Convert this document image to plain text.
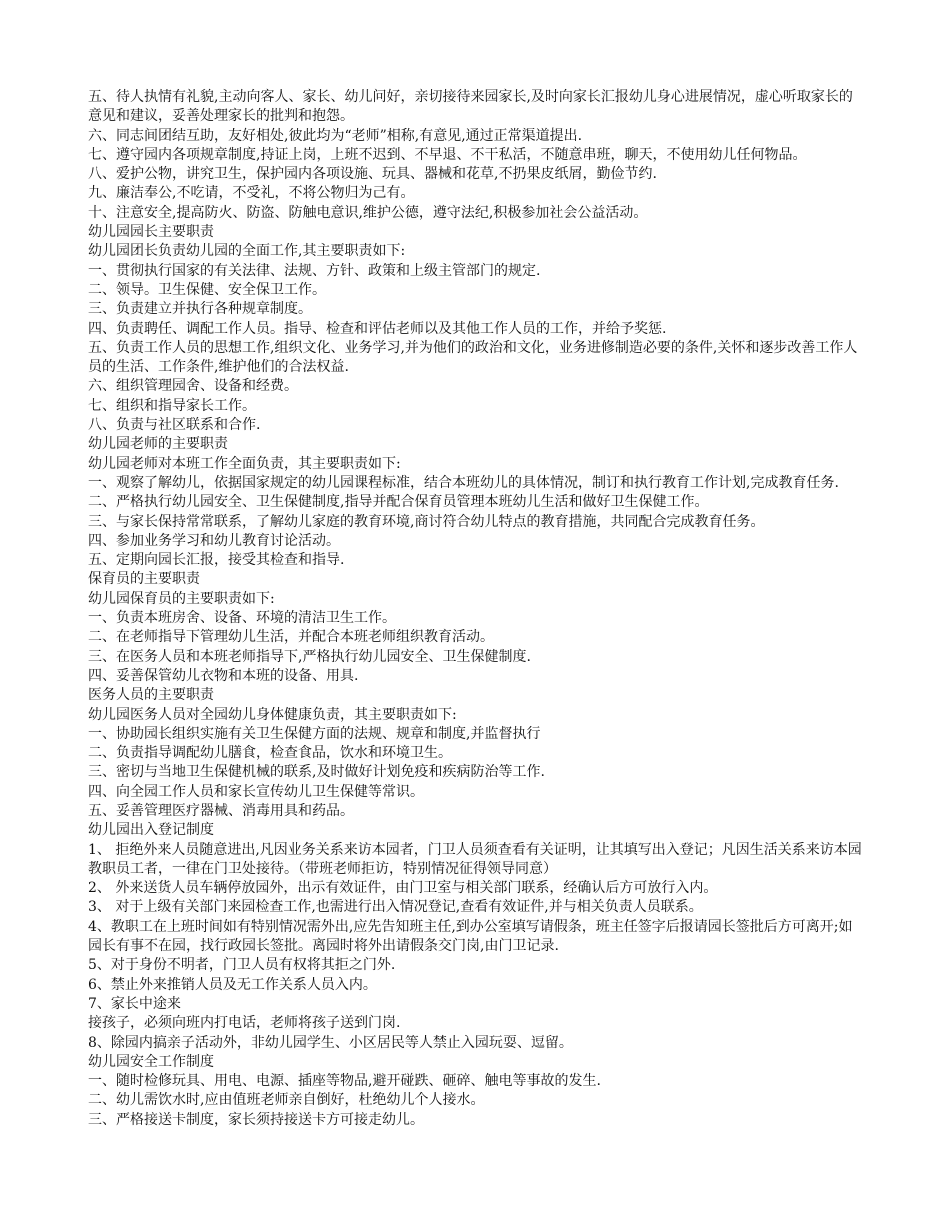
五、待人执情有礼貌,主动向客人、家长、幼儿问好，亲切接待来园家长,及时向家长汇报幼儿身心进展情况，虚心听取家长的意见和建议，妥善处理家长的批判和抱怨。

六、同志间团结互助，友好相处,彼此均为“老师”相称,有意见,通过正常渠道提出.

七、遵守园内各项规章制度,持证上岗，上班不迟到、不早退、不干私活，不随意串班，聊天，不使用幼儿任何物品。

八、爱护公物，讲究卫生，保护园内各项设施、玩具、器械和花草,不扔果皮纸屑，勤俭节约.

九、廉洁奉公,不吃请，不受礼，不将公物归为己有。

十、注意安全,提高防火、防盗、防触电意识,维护公德，遵守法纪,积极参加社会公益活动。

幼儿园园长主要职责

幼儿园团长负责幼儿园的全面工作,其主要职责如下:

一、贯彻执行国家的有关法律、法规、方针、政策和上级主管部门的规定.

二、领导。卫生保健、安全保卫工作。

三、负责建立并执行各种规章制度。

四、负责聘任、调配工作人员。指导、检查和评估老师以及其他工作人员的工作，并给予奖惩.

五、负责工作人员的思想工作,组织文化、业务学习,并为他们的政治和文化，业务进修制造必要的条件,关怀和逐步改善工作人员的生活、工作条件,维护他们的合法权益.

六、组织管理园舍、设备和经费。

七、组织和指导家长工作。

八、负责与社区联系和合作.

幼儿园老师的主要职责

幼儿园老师对本班工作全面负责，其主要职责如下:

一、观察了解幼儿，依据国家规定的幼儿园课程标准，结合本班幼儿的具体情况，制订和执行教育工作计划,完成教育任务.

二、严格执行幼儿园安全、卫生保健制度,指导并配合保育员管理本班幼儿生活和做好卫生保健工作。

三、与家长保持常常联系，了解幼儿家庭的教育环境,商讨符合幼儿特点的教育措施，共同配合完成教育任务。

四、参加业务学习和幼儿教育讨论活动。

五、定期向园长汇报，接受其检查和指导.

保育员的主要职责

幼儿园保育员的主要职责如下:

一、负责本班房舍、设备、环境的清洁卫生工作。

二、在老师指导下管理幼儿生活，并配合本班老师组织教育活动。

三、在医务人员和本班老师指导下,严格执行幼儿园安全、卫生保健制度.

四、妥善保管幼儿衣物和本班的设备、用具.

医务人员的主要职责

幼儿园医务人员对全园幼儿身体健康负责，其主要职责如下:

一、协助园长组织实施有关卫生保健方面的法规、规章和制度,并监督执行

二、负责指导调配幼儿膳食，检查食品，饮水和环境卫生。

三、密切与当地卫生保健机械的联系,及时做好计划免疫和疾病防治等工作.

四、向全园工作人员和家长宣传幼儿卫生保健等常识。

五、妥善管理医疗器械、消毒用具和药品。

幼儿园出入登记制度

1、 拒绝外来人员随意进出,凡因业务关系来访本园者，门卫人员须查看有关证明，让其填写出入登记；凡因生活关系来访本园教职员工者，一律在门卫处接待。（带班老师拒访，特别情况征得领导同意）

2、 外来送货人员车辆停放园外，出示有效证件，由门卫室与相关部门联系，经确认后方可放行入内。

3、 对于上级有关部门来园检查工作,也需进行出入情况登记,查看有效证件,并与相关负责人员联系。

4、教职工在上班时间如有特别情况需外出,应先告知班主任,到办公室填写请假条，班主任签字后报请园长签批后方可离开;如园长有事不在园，找行政园长签批。离园时将外出请假条交门岗,由门卫记录.

5、对于身份不明者，门卫人员有权将其拒之门外.

6、禁止外来推销人员及无工作关系人员入内。

7、家长中途来

接孩子，必须向班内打电话，老师将孩子送到门岗.

8、除园内搞亲子活动外，非幼儿园学生、小区居民等人禁止入园玩耍、逗留。

幼儿园安全工作制度

一、随时检修玩具、用电、电源、插座等物品,避开碰跌、砸碎、触电等事故的发生.

二、幼儿需饮水时,应由值班老师亲自倒好，杜绝幼儿个人接水。

三、严格接送卡制度，家长须持接送卡方可接走幼儿。
